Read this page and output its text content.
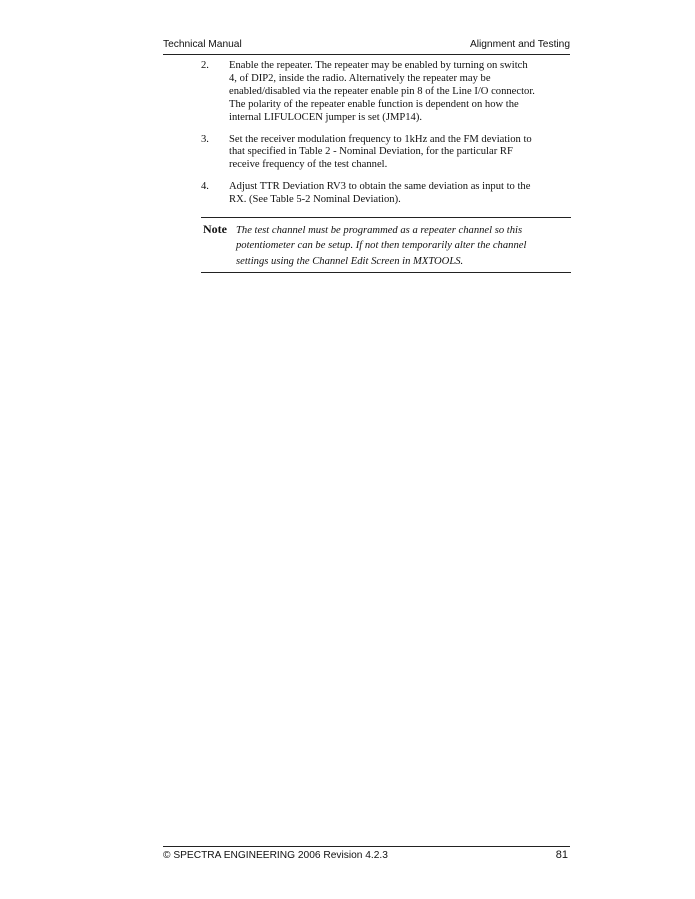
Technical Manual	Alignment and Testing
2. Enable the repeater. The repeater may be enabled by turning on switch
4, of DIP2, inside the radio. Alternatively the repeater may be
enabled/disabled via the repeater enable pin 8 of the Line I/O connector.
The polarity of the repeater enable function is dependent on how the
internal LIFULOCEN jumper is set (JMP14).
3. Set the receiver modulation frequency to 1kHz and the FM deviation to
that specified in Table 2 - Nominal Deviation, for the particular RF
receive frequency of the test channel.
4. Adjust TTR Deviation RV3 to obtain the same deviation as input to the
RX. (See Table 5-2 Nominal Deviation).
Note The test channel must be programmed as a repeater channel so this
potentiometer can be setup. If not then temporarily alter the channel
settings using the Channel Edit Screen in MXTOOLS.
© SPECTRA ENGINEERING 2006 Revision 4.2.3	81
